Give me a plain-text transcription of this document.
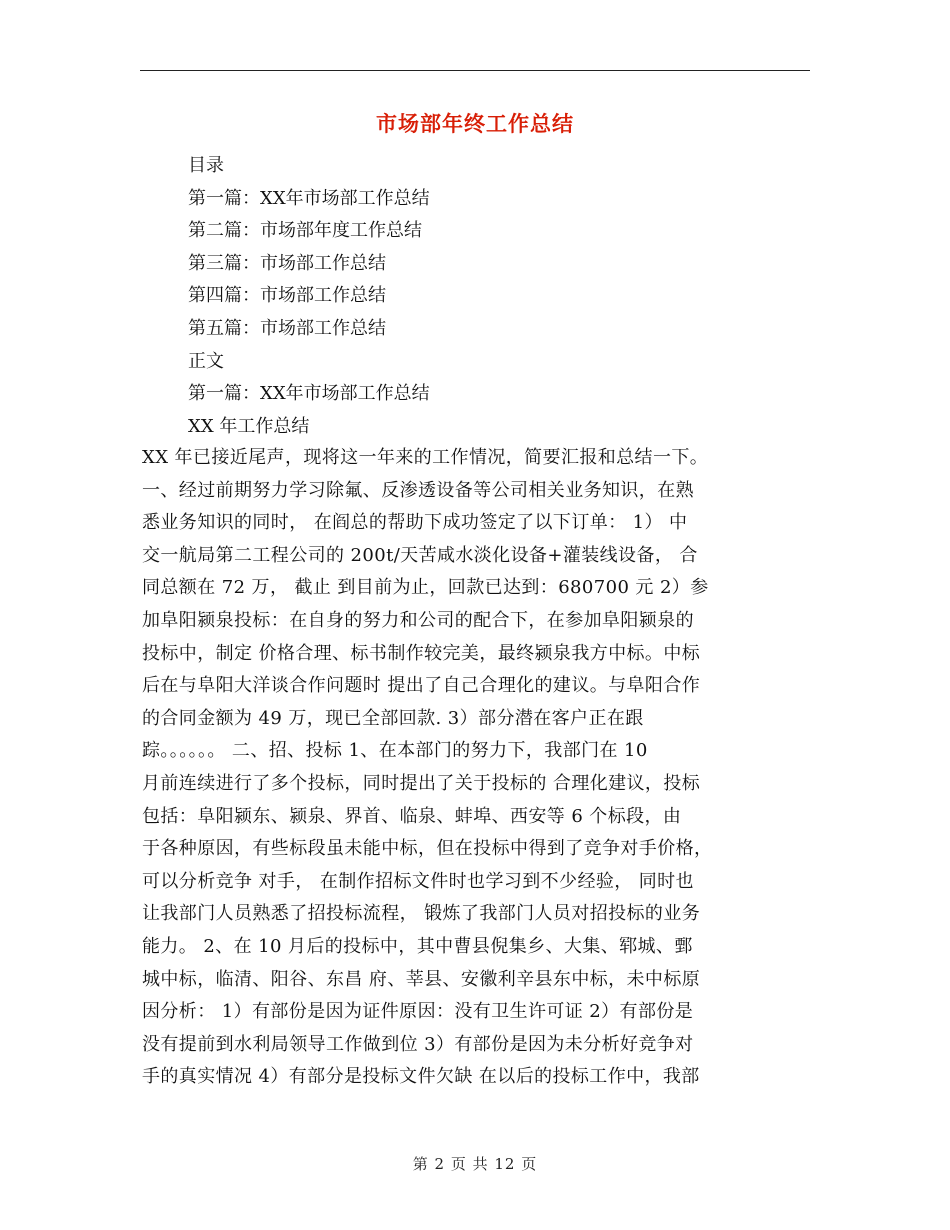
市场部年终工作总结
目录
第一篇：XX年市场部工作总结
第二篇：市场部年度工作总结
第三篇：市场部工作总结
第四篇：市场部工作总结
第五篇：市场部工作总结
正文
第一篇：XX年市场部工作总结
XX 年工作总结
XX 年已接近尾声，现将这一年来的工作情况，简要汇报和总结一下。
一、经过前期努力学习除氟、反渗透设备等公司相关业务知识，在熟
悉业务知识的同时， 在阎总的帮助下成功签定了以下订单： 1） 中
交一航局第二工程公司的 200t/天苦咸水淡化设备+灌装线设备， 合
同总额在 72 万， 截止 到目前为止，回款已达到：680700 元 2）参
加阜阳颍泉投标：在自身的努力和公司的配合下，在参加阜阳颍泉的
投标中，制定 价格合理、标书制作较完美，最终颍泉我方中标。中标
后在与阜阳大洋谈合作问题时 提出了自己合理化的建议。与阜阳合作
的合同金额为 49 万，现已全部回款. 3）部分潜在客户正在跟
踪。。。。。。 二、招、投标 1、在本部门的努力下，我部门在 10
月前连续进行了多个投标，同时提出了关于投标的 合理化建议，投标
包括：阜阳颍东、颍泉、界首、临泉、蚌埠、西安等 6 个标段，由
于各种原因，有些标段虽未能中标，但在投标中得到了竞争对手价格，
可以分析竞争 对手， 在制作招标文件时也学习到不少经验， 同时也
让我部门人员熟悉了招投标流程， 锻炼了我部门人员对招投标的业务
能力。 2、在 10 月后的投标中，其中曹县倪集乡、大集、郓城、鄄
城中标，临清、阳谷、东昌 府、莘县、安徽利辛县东中标，未中标原
因分析： 1）有部份是因为证件原因：没有卫生许可证 2）有部份是
没有提前到水利局领导工作做到位 3）有部份是因为未分析好竞争对
手的真实情况 4）有部分是投标文件欠缺 在以后的投标工作中，我部
第 2 页 共 12 页
